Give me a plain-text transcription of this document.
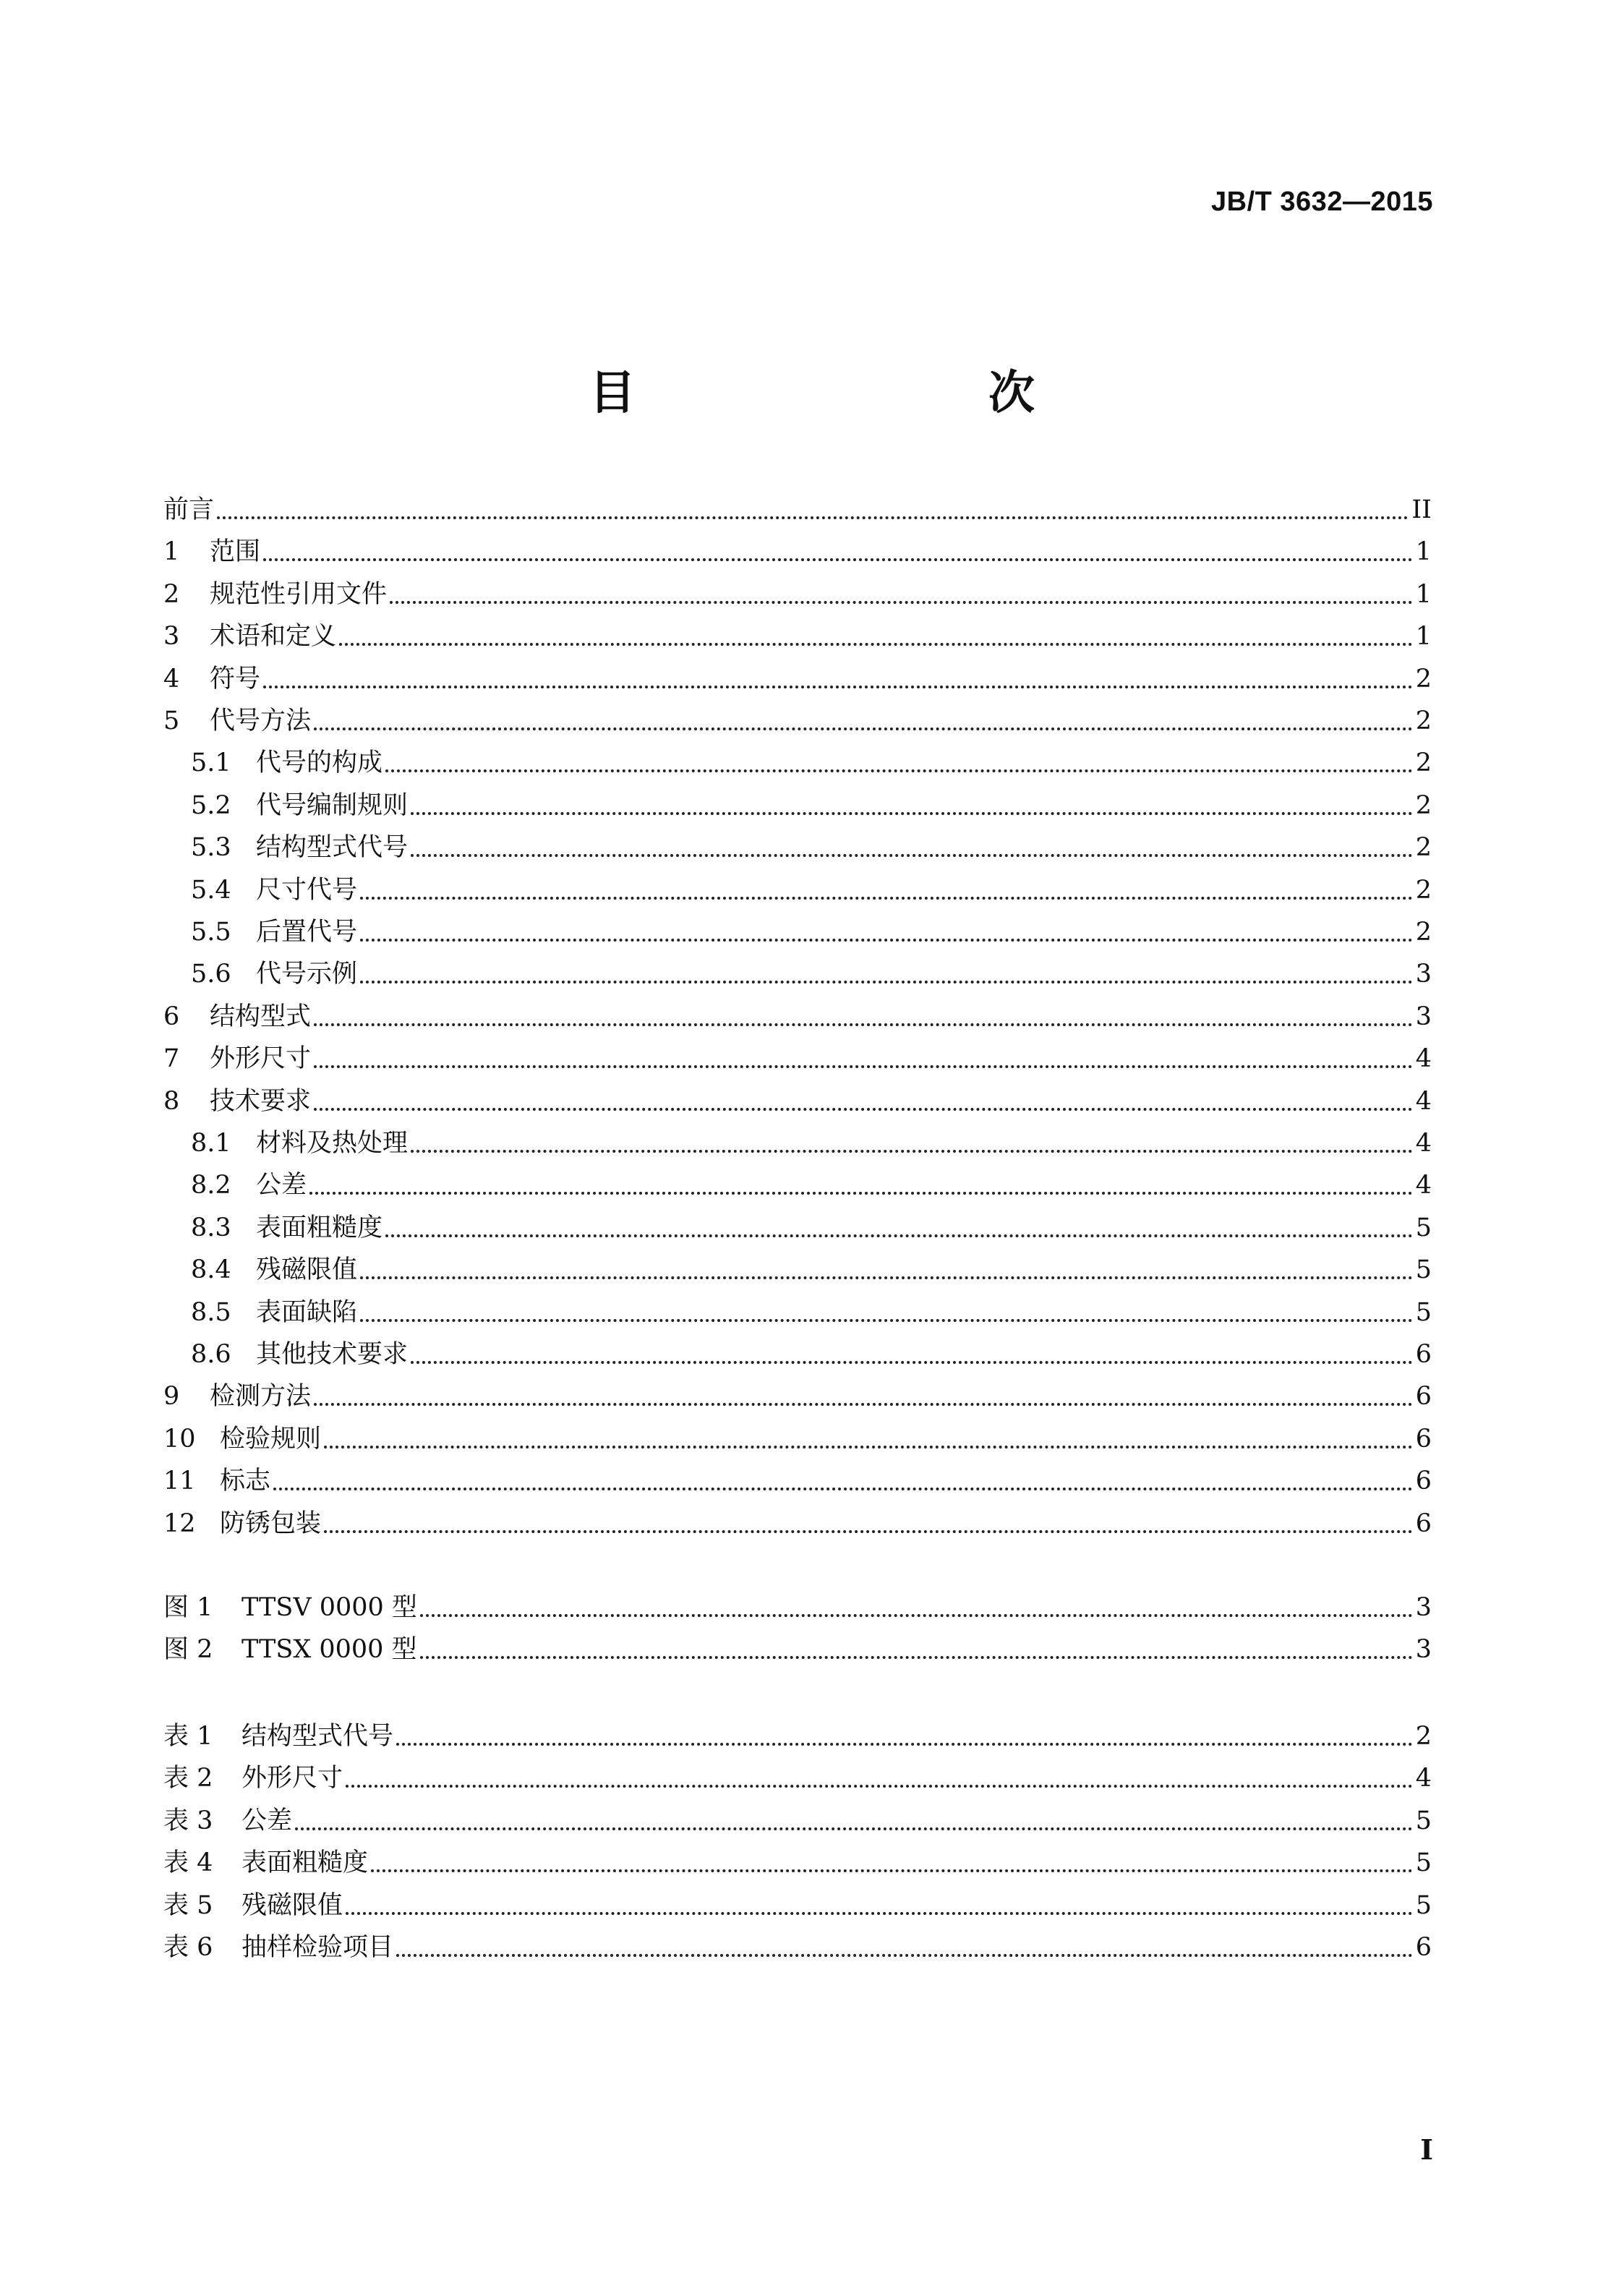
JB/T 3632—2015
目　　次
前言	II
1	范围	1
2	规范性引用文件	1
3	术语和定义	1
4	符号	2
5	代号方法	2
5.1 代号的构成	2
5.2 代号编制规则	2
5.3 结构型式代号	2
5.4 尺寸代号	2
5.5 后置代号	2
5.6 代号示例	3
6	结构型式	3
7	外形尺寸	4
8	技术要求	4
8.1 材料及热处理	4
8.2 公差	4
8.3 表面粗糙度	5
8.4 残磁限值	5
8.5 表面缺陷	5
8.6 其他技术要求	6
9	检测方法	6
10 检验规则	6
11 标志	6
12 防锈包装	6
图 1	TTSV 0000 型	3
图 2	TTSX 0000 型	3
表 1	结构型式代号	2
表 2	外形尺寸	4
表 3	公差	5
表 4	表面粗糙度	5
表 5	残磁限值	5
表 6	抽样检验项目	6
I
